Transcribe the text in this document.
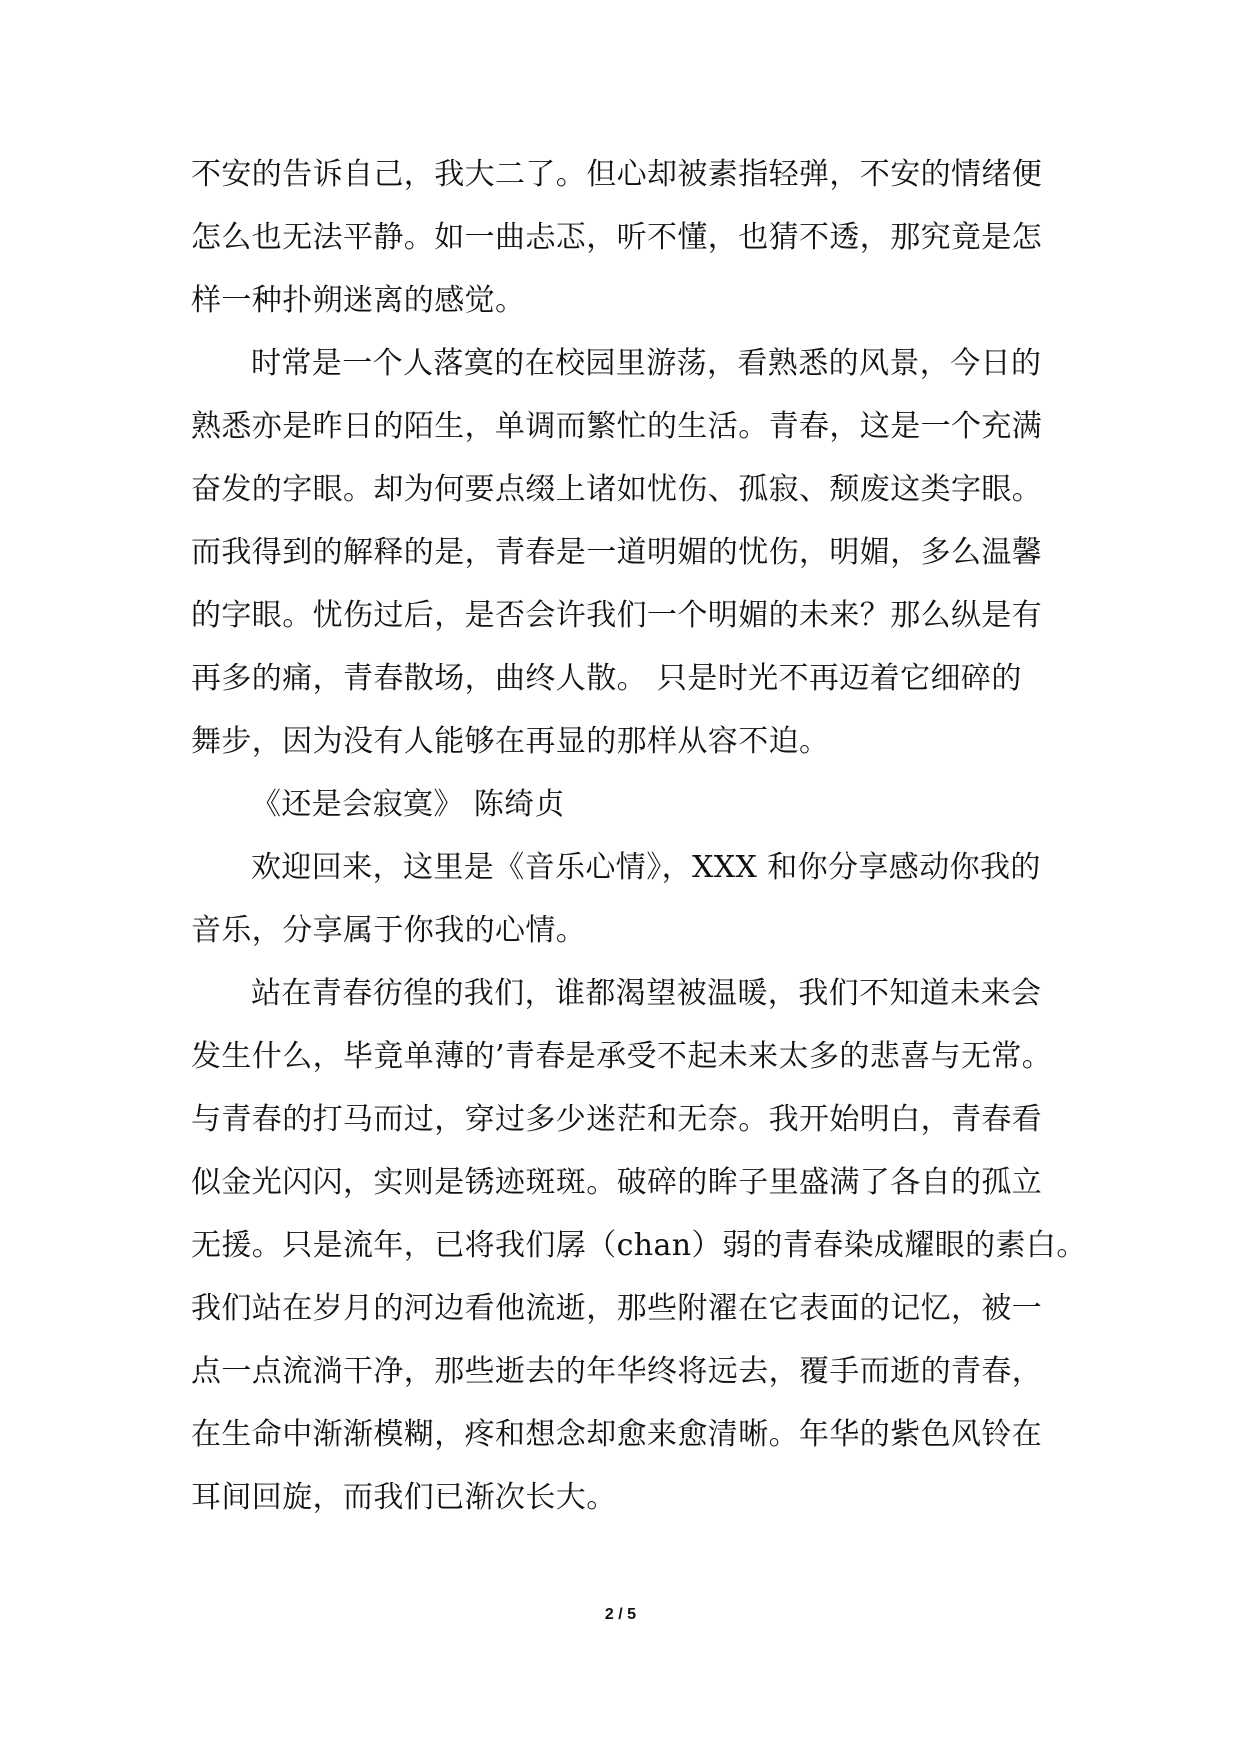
不安的告诉自己，我大二了。但心却被素指轻弹，不安的情绪便
怎么也无法平静。如一曲忐忑，听不懂，也猜不透，那究竟是怎
样一种扑朔迷离的感觉。
时常是一个人落寞的在校园里游荡，看熟悉的风景，今日的
熟悉亦是昨日的陌生，单调而繁忙的生活。青春，这是一个充满
奋发的字眼。却为何要点缀上诸如忧伤、孤寂、颓废这类字眼。
而我得到的解释的是，青春是一道明媚的忧伤，明媚，多么温馨
的字眼。忧伤过后，是否会许我们一个明媚的未来？那么纵是有
再多的痛，青春散场，曲终人散。 只是时光不再迈着它细碎的
舞步，因为没有人能够在再显的那样从容不迫。
《还是会寂寞》 陈绮贞
欢迎回来，这里是《音乐心情》，XXX 和你分享感动你我的
音乐，分享属于你我的心情。
站在青春彷徨的我们，谁都渴望被温暖，我们不知道未来会
发生什么，毕竟单薄的’青春是承受不起未来太多的悲喜与无常。
与青春的打马而过，穿过多少迷茫和无奈。我开始明白，青春看
似金光闪闪，实则是锈迹斑斑。破碎的眸子里盛满了各自的孤立
无援。只是流年，已将我们孱（chan）弱的青春染成耀眼的素白。
我们站在岁月的河边看他流逝，那些附濯在它表面的记忆，被一
点一点流淌干净，那些逝去的年华终将远去，覆手而逝的青春，
在生命中渐渐模糊，疼和想念却愈来愈清晰。年华的紫色风铃在
耳间回旋，而我们已渐次长大。
2 / 5
